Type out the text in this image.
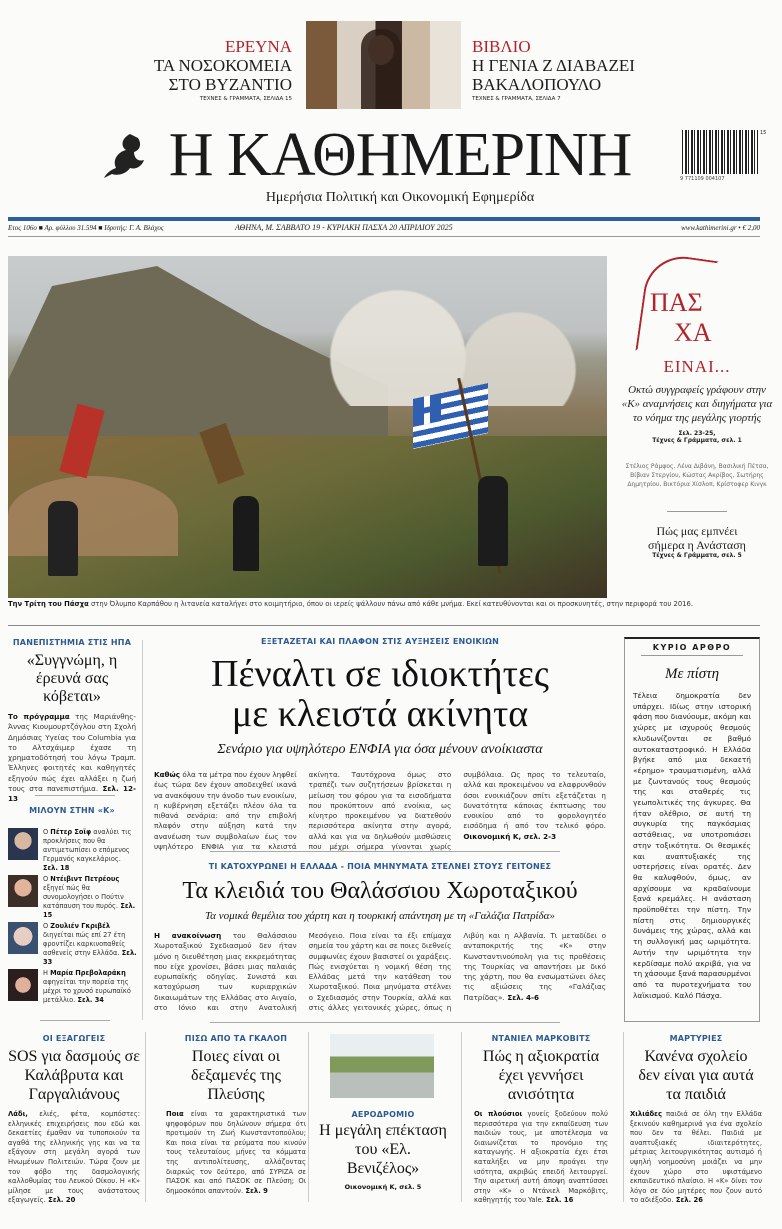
ΕΡΕΥΝΑ
ΤΑ ΝΟΣΟΚΟΜΕΙΑ
ΣΤΟ ΒΥΖΑΝΤΙΟ
ΤΕΧΝΕΣ & ΓΡΑΜΜΑΤΑ, ΣΕΛΙΔΑ 15
ΒΙΒΛΙΟ
Η ΓΕΝΙΑ Ζ ΔΙΑΒΑΖΕΙ
ΒΑΚΑΛΟΠΟΥΛΟ
ΤΕΧΝΕΣ & ΓΡΑΜΜΑΤΑ, ΣΕΛΙΔΑ 7
Η ΚΑΘΗΜΕΡΙΝΗ	9 771109 004107
15
Ημερήσια Πολιτική και Οικονομική Εφημερίδα
Ετος 106ο ■ Αρ. φύλλου 31.594 ■ Ιδρυτής: Γ. Α. Βλάχος	ΑΘΗΝΑ, Μ. ΣΑΒΒΑΤΟ 19 - ΚΥΡΙΑΚΗ ΠΑΣΧΑ 20 ΑΠΡΙΛΙΟΥ 2025	www.kathimerini.gr • € 2,00
Την Τρίτη του Πάσχα στην Όλυμπο Καρπάθου η λιτανεία καταλήγει στο κοιμητήριο, όπου οι ιερείς ψάλλουν πάνω από κάθε μνήμα. Εκεί κατευθύνονται και οι προσκυνητές, στην περιφορά του 2016.
ΠΑΣ
ΧΑ
ΕΙΝΑΙ...
Οκτώ συγγραφείς γράφουν στην «Κ» αναμνήσεις και διηγήματα για το νόημα της μεγάλης γιορτής
Σελ. 23-25,
Τέχνες & Γράμματα, σελ. 1
Στέλιος Ράμφος, Λένα Διβάνη, Βασιλική Πέτσα, Βίβιαν Στεργίου, Κώστας Ακρίβος, Σωτήρης Δημητρίου, Βικτόρια Χίσλοπ, Κρίστοφερ Κινγκ
Πώς μας εμπνέει σήμερα η Ανάσταση
Τέχνες & Γράμματα, σελ. 5
ΠΑΝΕΠΙΣΤΗΜΙΑ ΣΤΙΣ ΗΠΑ
«Συγγνώμη, η έρευνά σας κόβεται»
Το πρόγραμμα της Μαριάνθης-Άννας Κιουμουρτζόγλου στη Σχολή Δημόσιας Υγείας του Columbia για το Αλτσχάιμερ έχασε τη χρηματοδότησή του λόγω Τραμπ. Έλληνες φοιτητές και καθηγητές εξηγούν πώς έχει αλλάξει η ζωή τους στα πανεπιστήμια. Σελ. 12-13
ΜΙΛΟΥΝ ΣΤΗΝ «Κ»
O Πέτερ Σοϊφ αναλύει τις προκλήσεις που θα αντιμετωπίσει ο επόμενος Γερμανός καγκελάριος. Σελ. 18
O Ντέιβιντ Πετρέους εξηγεί πώς θα συνομολογήσει ο Πούτιν κατάπαυση του πυρός. Σελ. 15
O Ζουλιέν Γκριβέλ διηγείται πώς επί 27 έτη φροντίζει καρκινοπαθείς ασθενείς στην Ελλάδα. Σελ. 33
Η Μαρία Πρεβολαράκη αφηγείται την πορεία της μέχρι το χρυσό ευρωπαϊκό μετάλλιο. Σελ. 34
ΕΞΕΤΑΖΕΤΑΙ ΚΑΙ ΠΛΑΦΟΝ ΣΤΙΣ ΑΥΞΗΣΕΙΣ ΕΝΟΙΚΙΩΝ
Πέναλτι σε ιδιοκτήτες
με κλειστά ακίνητα
Σενάριο για υψηλότερο ΕΝΦΙΑ για όσα μένουν ανοίκιαστα
Καθώς όλα τα μέτρα που έχουν ληφθεί έως τώρα δεν έχουν αποδειχθεί ικανά να ανακόψουν την άνοδο των ενοικίων, η κυβέρνηση εξετάζει πλέον όλα τα πιθανά σενάρια: από την επιβολή πλαφόν στην αύξηση κατά την ανανέωση των συμβολαίων έως τον υψηλότερο ΕΝΦΙΑ για τα κλειστά ακίνητα. Ταυτόχρονα όμως στο τραπέζι των συζητήσεων βρίσκεται η μείωση του φόρου για τα εισοδήματα που προκύπτουν από ενοίκια, ως κίνητρο προκειμένου να διατεθούν περισσότερα ακίνητα στην αγορά, αλλά και για να δηλωθούν μισθώσεις που μέχρι σήμερα γίνονται χωρίς συμβόλαια. Ως προς το τελευταίο, αλλά και προκειμένου να ελαφρυνθούν όσοι ενοικιάζουν σπίτι εξετάζεται η δυνατότητα κάποιας έκπτωσης του ενοικίου από το φορολογητέο εισόδημα ή από τον τελικό φόρο. Οικονομική Κ, σελ. 2-3
ΤΙ ΚΑΤΟΧΥΡΩΝΕΙ Η ΕΛΛΑΔΑ - ΠΟΙΑ ΜΗΝΥΜΑΤΑ ΣΤΕΛΝΕΙ ΣΤΟΥΣ ΓΕΙΤΟΝΕΣ
Τα κλειδιά του Θαλάσσιου Χωροταξικού
Τα νομικά θεμέλια του χάρτη και η τουρκική απάντηση με τη «Γαλάζια Πατρίδα»
Η ανακοίνωση του Θαλάσσιου Χωροταξικού Σχεδιασμού δεν ήταν μόνο η διευθέτηση μιας εκκρεμότητας που είχε χρονίσει, βάσει μιας παλαιάς ευρωπαϊκής οδηγίας. Συνιστά και κατοχύρωση των κυριαρχικών δικαιωμάτων της Ελλάδας στο Αιγαίο, στο Ιόνιο και στην Ανατολική Μεσόγειο. Ποια είναι τα έξι επίμαχα σημεία του χάρτη και σε ποιες διεθνείς συμφωνίες έχουν βασιστεί οι χαράξεις. Πώς ενισχύεται η νομική θέση της Ελλάδας μετά την κατάθεση του Χωροταξικού. Ποια μηνύματα στέλνει ο Σχεδιασμός στην Τουρκία, αλλά και στις άλλες γειτονικές χώρες, όπως η Λιβύη και η Αλβανία. Τι μεταδίδει ο ανταποκριτής της «Κ» στην Κωνσταντινούπολη για τις προθέσεις της Τουρκίας να απαντήσει με δικό της χάρτη, που θα ενσωματώνει όλες τις αξιώσεις της «Γαλάζιας Πατρίδας». Σελ. 4-6
ΚΥΡΙΟ ΑΡΘΡΟ
Με πίστη
Τέλεια δημοκρατία δεν υπάρχει. Ιδίως στην ιστορική φάση που διανύουμε, ακόμη και χώρες με ισχυρούς θεσμούς κλυδωνίζονται σε βαθμό αυτοκαταστροφικό. Η Ελλάδα βγήκε από μια δεκαετή «έρημο» τραυματισμένη, αλλά με ζωντανούς τους θεσμούς της και σταθερές τις γεωπολιτικές της άγκυρες. Θα ήταν ολέθριο, σε αυτή τη συγκυρία της παγκόσμιας αστάθειας, να υποτροπιάσει στην τοξικότητα. Οι θεσμικές και αναπτυξιακές της υστερήσεις είναι ορατές. Δεν θα καλυφθούν, όμως, αν αρχίσουμε να κραδαίνουμε ξανά κρεμάλες. Η ανάσταση προϋποθέτει την πίστη. Την πίστη στις δημιουργικές δυνάμεις της χώρας, αλλά και τη συλλογική μας ωριμότητα. Αυτήν την ωριμότητα την κερδίσαμε πολύ ακριβά, για να τη χάσουμε ξανά παρασυρμένοι από τα πυροτεχνήματα του λαϊκισμού. Καλό Πάσχα.
ΟΙ ΕΞΑΓΩΓΕΙΣ
SOS για δασμούς σε Καλάβρυτα και Γαργαλιάνους
Λάδι, ελιές, φέτα, κομπόστες: ελληνικές επιχειρήσεις που εδώ και δεκαετίες έμαθαν να τυποποιούν τα αγαθά της ελληνικής γης και να τα εξάγουν στη μεγάλη αγορά των Ηνωμένων Πολιτειών. Τώρα ζουν με τον φόβο της δασμολογικής καλλοθυμίας του Λευκού Οίκου. Η «Κ» μίλησε με τους ανάστατους εξαγωγείς. Σελ. 20
ΠΙΣΩ ΑΠΟ ΤΑ ΓΚΑΛΟΠ
Ποιες είναι οι δεξαμενές της Πλεύσης
Ποια είναι τα χαρακτηριστικά των ψηφοφόρων που δηλώνουν σήμερα ότι προτιμούν τη Ζωή Κωνσταντοπούλου; Και ποια είναι τα ρεύματα που κινούν τους τελευταίους μήνες τα κόμματα της αντιπολίτευσης, αλλάζοντας διαρκώς τον δεύτερο, από ΣΥΡΙΖΑ σε ΠΑΣΟΚ και από ΠΑΣΟΚ σε Πλεύση; Οι δημοσκόποι απαντούν. Σελ. 9
ΑΕΡΟΔΡΟΜΙΟ
Η μεγάλη επέκταση του «Ελ. Βενιζέλος»
Οικονομική Κ, σελ. 5
ΝΤΑΝΙΕΛ ΜΑΡΚΟΒΙΤΣ
Πώς η αξιοκρατία έχει γεννήσει ανισότητα
Οι πλούσιοι γονείς ξοδεύουν πολύ περισσότερα για την εκπαίδευση των παιδιών τους, με αποτέλεσμα να διαιωνίζεται το προνόμιο της καταγωγής. Η αξιοκρατία έχει έτσι καταλήξει να μην προάγει την ισότητα, ακριβώς επειδή λειτουργεί. Την αιρετική αυτή άποψη αναπτύσσει στην «Κ» ο Ντάνιελ Μαρκόβιτς, καθηγητής του Yale. Σελ. 16
ΜΑΡΤΥΡΙΕΣ
Κανένα σχολείο δεν είναι για αυτά τα παιδιά
Χιλιάδες παιδιά σε όλη την Ελλάδα ξεκινούν καθημερινά για ένα σχολείο που δεν τα θέλει. Παιδιά με αναπτυξιακές ιδιαιτερότητες, μέτριας λειτουργικότητας αυτισμό ή υψηλή νοημοσύνη μοιάζει να μην έχουν χώρο στο υφιστάμενο εκπαιδευτικό πλαίσιο. Η «Κ» δίνει τον λόγο σε δύο μητέρες που ζουν αυτό το αδιέξοδο. Σελ. 26
